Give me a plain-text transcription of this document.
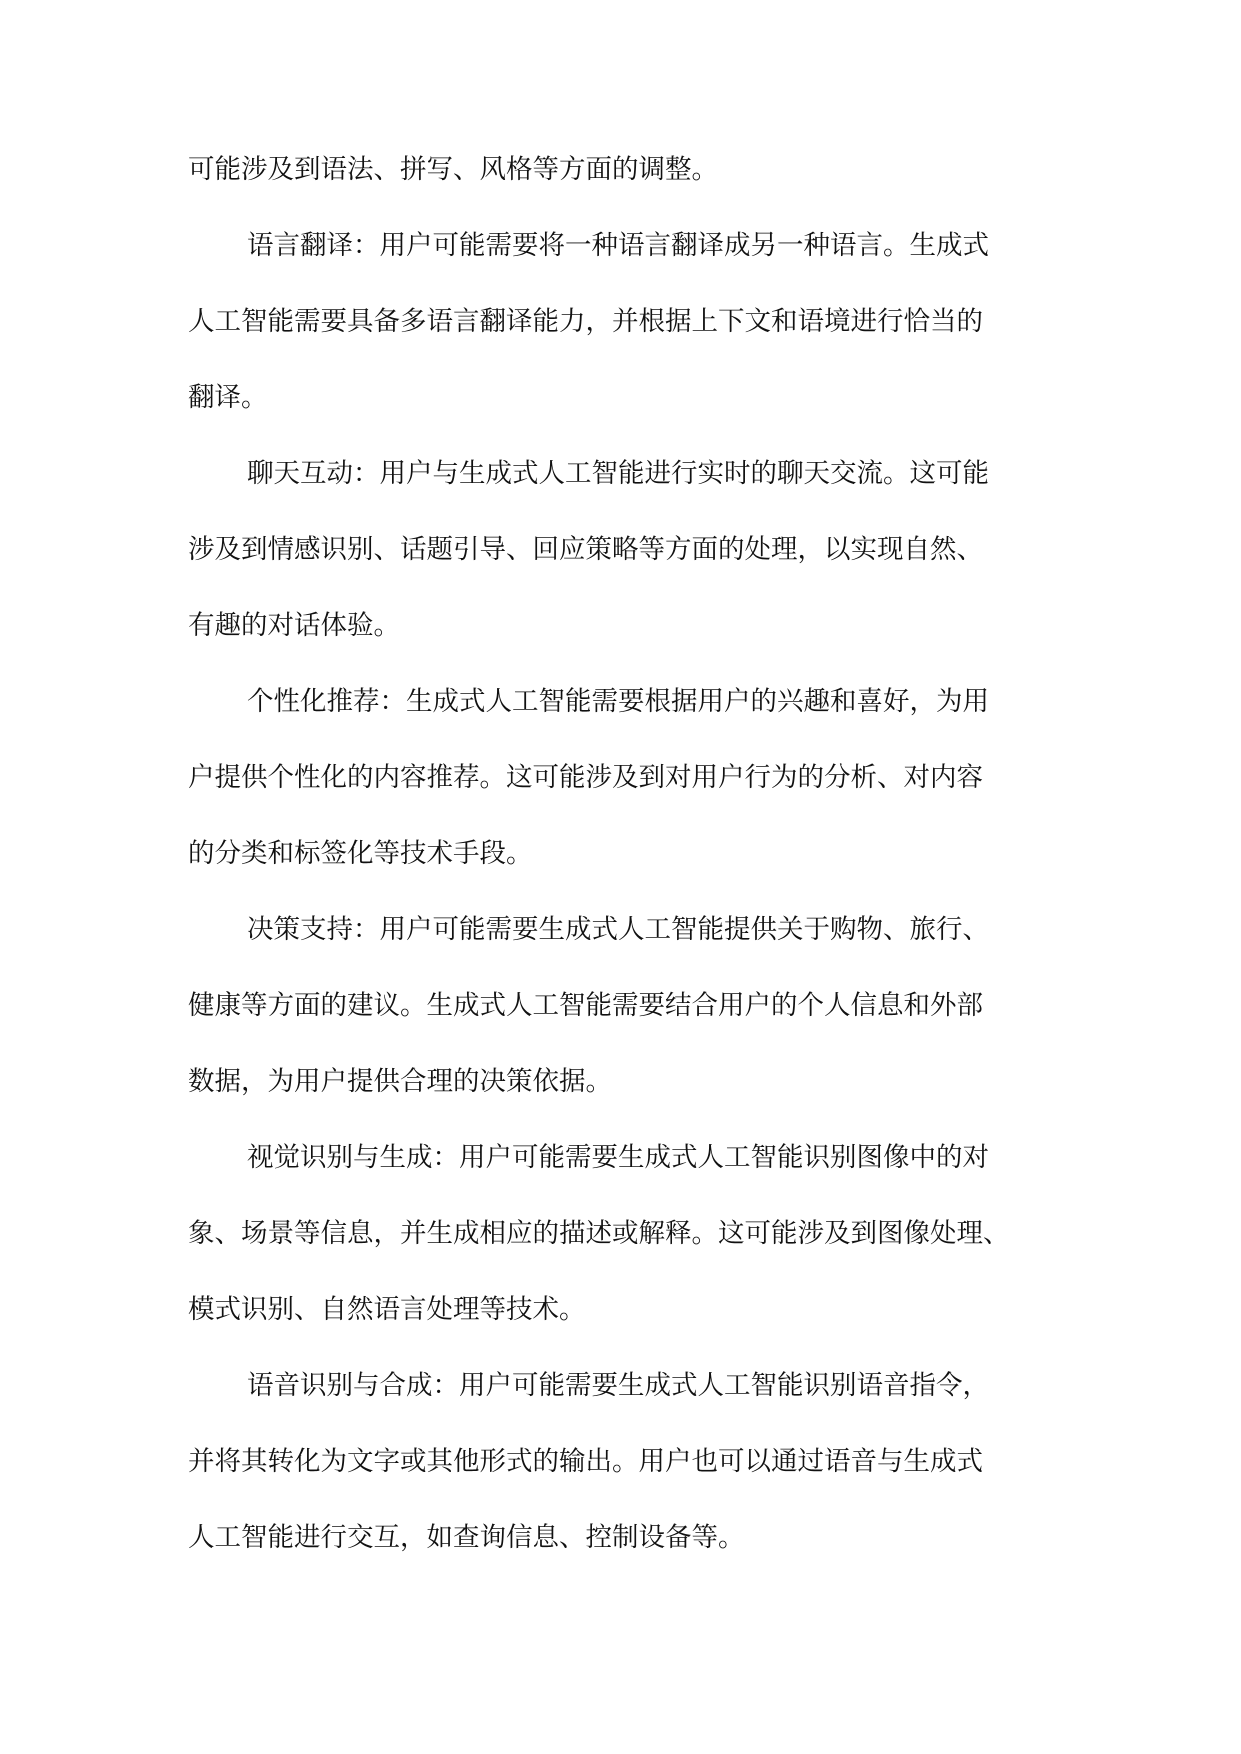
可能涉及到语法、拼写、风格等方面的调整。
语言翻译：用户可能需要将一种语言翻译成另一种语言。生成式
人工智能需要具备多语言翻译能力，并根据上下文和语境进行恰当的
翻译。
聊天互动：用户与生成式人工智能进行实时的聊天交流。这可能
涉及到情感识别、话题引导、回应策略等方面的处理，以实现自然、
有趣的对话体验。
个性化推荐：生成式人工智能需要根据用户的兴趣和喜好，为用
户提供个性化的内容推荐。这可能涉及到对用户行为的分析、对内容
的分类和标签化等技术手段。
决策支持：用户可能需要生成式人工智能提供关于购物、旅行、
健康等方面的建议。生成式人工智能需要结合用户的个人信息和外部
数据，为用户提供合理的决策依据。
视觉识别与生成：用户可能需要生成式人工智能识别图像中的对
象、场景等信息，并生成相应的描述或解释。这可能涉及到图像处理、
模式识别、自然语言处理等技术。
语音识别与合成：用户可能需要生成式人工智能识别语音指令，
并将其转化为文字或其他形式的输出。用户也可以通过语音与生成式
人工智能进行交互，如查询信息、控制设备等。
